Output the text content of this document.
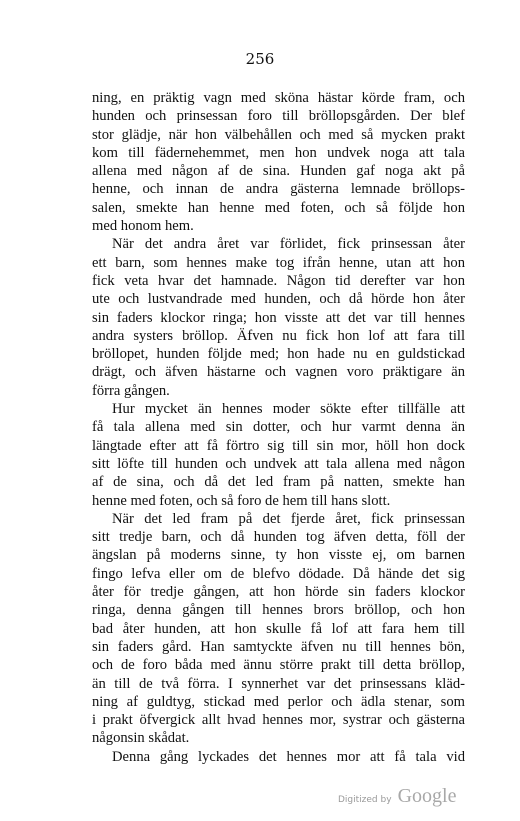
256

ning, en präktig vagn med sköna hästar körde fram, och
hunden och prinsessan foro till bröllopsgården. Der blef
stor glädje, när hon välbehållen och med så mycken prakt
kom till fädernehemmet, men hon undvek noga att tala
allena med någon af de sina. Hunden gaf noga akt på
henne, och innan de andra gästerna lemnade bröllops-
salen, smekte han henne med foten, och så följde hon
med honom hem.

När det andra året var förlidet, fick prinsessan åter
ett barn, som hennes make tog ifrån henne, utan att hon
fick veta hvar det hamnade. Någon tid derefter var hon
ute och lustvandrade med hunden, och då hörde hon åter
sin faders klockor ringa; hon visste att det var till hennes
andra systers bröllop. Äfven nu fick hon lof att fara till
bröllopet, hunden följde med; hon hade nu en guldstickad
drägt, och äfven hästarne och vagnen voro präktigare än
förra gången.

Hur mycket än hennes moder sökte efter tillfälle att
få tala allena med sin dotter, och hur varmt denna än
längtade efter att få förtro sig till sin mor, höll hon dock
sitt löfte till hunden och undvek att tala allena med någon
af de sina, och då det led fram på natten, smekte han
henne med foten, och så foro de hem till hans slott.

När det led fram på det fjerde året, fick prinsessan
sitt tredje barn, och då hunden tog äfven detta, föll der
ängslan på moderns sinne, ty hon visste ej, om barnen
fingo lefva eller om de blefvo dödade. Då hände det sig
åter för tredje gången, att hon hörde sin faders klockor
ringa, denna gången till hennes brors bröllop, och hon
bad åter hunden, att hon skulle få lof att fara hem till
sin faders gård. Han samtyckte äfven nu till hennes bön,
och de foro båda med ännu större prakt till detta bröllop,
än till de två förra. I synnerhet var det prinsessans kläd-
ning af guldtyg, stickad med perlor och ädla stenar, som
i prakt öfvergick allt hvad hennes mor, systrar och gästerna
någonsin skådat.

Denna gång lyckades det hennes mor att få tala vid

Digitized by Google
